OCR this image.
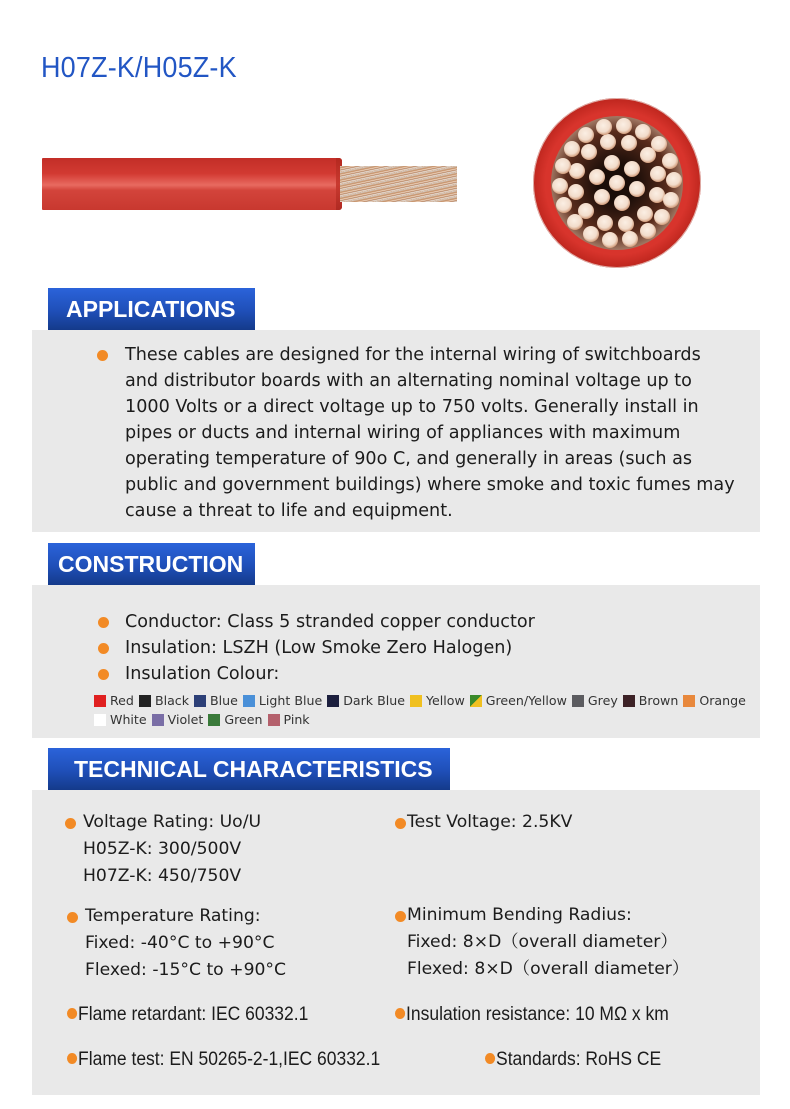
H07Z-K/H05Z-K
APPLICATIONS

These cables are designed for the internal wiring of switchboards

and distributor boards with an alternating nominal voltage up to

1000 Volts or a direct voltage up to 750 volts. Generally install in

pipes or ducts and internal wiring of appliances with maximum

operating temperature of 90o C, and generally in areas (such as

public and government buildings) where smoke and toxic fumes may

cause a threat to life and equipment.

CONSTRUCTION
Conductor: Class 5 stranded copper conductor
Insulation: LSZH (Low Smoke Zero Halogen)
Insulation Colour:
Red Black Blue Light Blue Dark Blue Yellow Green/Yellow Grey Brown Orange
White Violet Green Pink
TECHNICAL CHARACTERISTICS
Voltage Rating: Uo/U
H05Z-K: 300/500V
H07Z-K: 450/750V
Test Voltage: 2.5KV
Temperature Rating:
Fixed: -40°C to +90°C
Flexed: -15°C to +90°C
Minimum Bending Radius:
Fixed: 8×D（overall diameter）
Flexed: 8×D（overall diameter）
Flame retardant: IEC 60332.1	Insulation resistance: 10 MΩ x km
Flame test: EN 50265-2-1,IEC 60332.1	Standards: RoHS CE
